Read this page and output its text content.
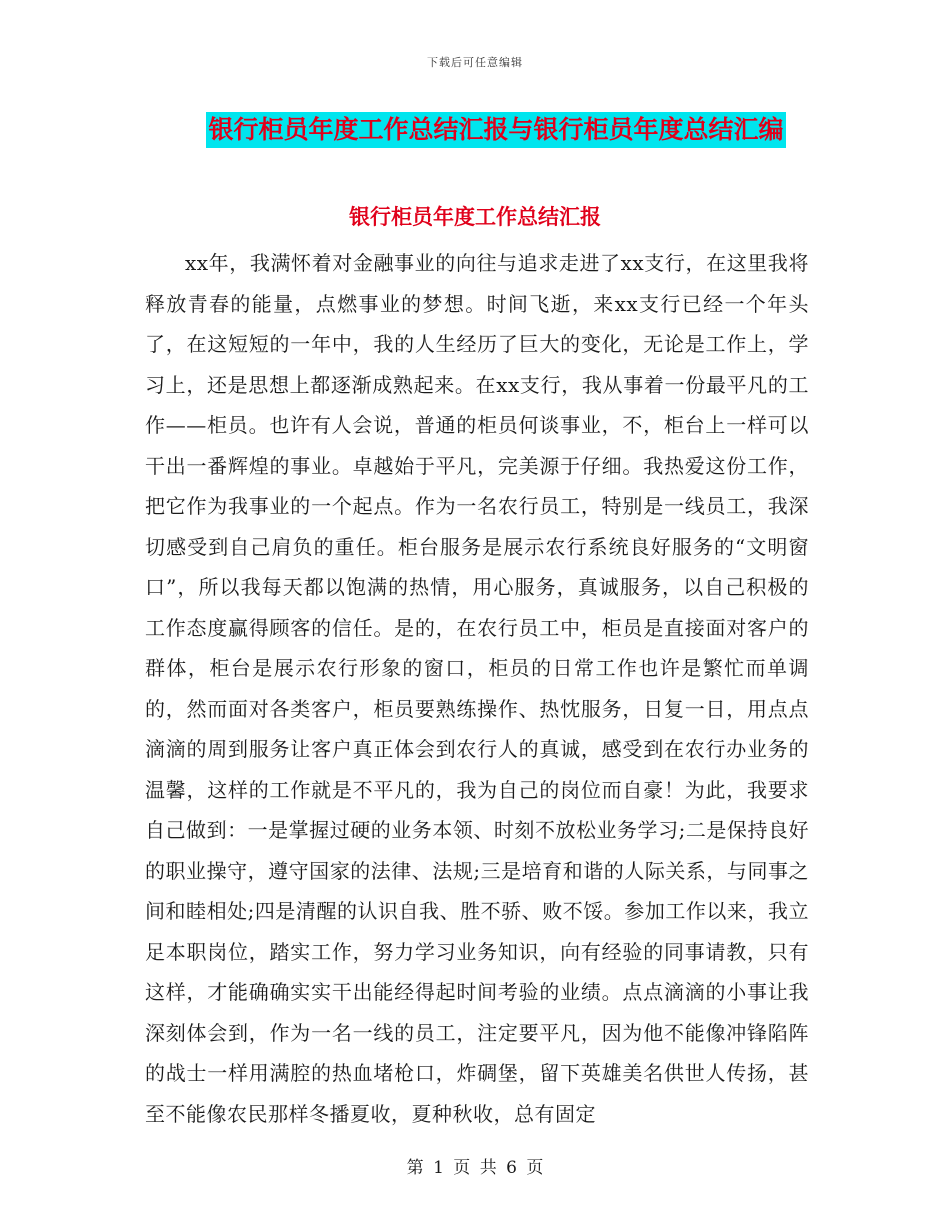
下载后可任意编辑
银行柜员年度工作总结汇报与银行柜员年度总结汇编
银行柜员年度工作总结汇报

xx年，我满怀着对金融事业的向往与追求走进了xx支行，在这里我将释放青春的能量，点燃事业的梦想。时间飞逝，来xx支行已经一个年头了，在这短短的一年中，我的人生经历了巨大的变化，无论是工作上，学习上，还是思想上都逐渐成熟起来。在xx支行，我从事着一份最平凡的工作——柜员。也许有人会说，普通的柜员何谈事业，不，柜台上一样可以干出一番辉煌的事业。卓越始于平凡，完美源于仔细。我热爱这份工作，把它作为我事业的一个起点。作为一名农行员工，特别是一线员工，我深切感受到自己肩负的重任。柜台服务是展示农行系统良好服务的“文明窗口”，所以我每天都以饱满的热情，用心服务，真诚服务，以自己积极的工作态度赢得顾客的信任。是的，在农行员工中，柜员是直接面对客户的群体，柜台是展示农行形象的窗口，柜员的日常工作也许是繁忙而单调的，然而面对各类客户，柜员要熟练操作、热忱服务，日复一日，用点点滴滴的周到服务让客户真正体会到农行人的真诚，感受到在农行办业务的温馨，这样的工作就是不平凡的，我为自己的岗位而自豪！为此，我要求自己做到：一是掌握过硬的业务本领、时刻不放松业务学习;二是保持良好的职业操守，遵守国家的法律、法规;三是培育和谐的人际关系，与同事之间和睦相处;四是清醒的认识自我、胜不骄、败不馁。参加工作以来，我立足本职岗位，踏实工作，努力学习业务知识，向有经验的同事请教，只有这样，才能确确实实干出能经得起时间考验的业绩。点点滴滴的小事让我深刻体会到，作为一名一线的员工，注定要平凡，因为他不能像冲锋陷阵的战士一样用满腔的热血堵枪口，炸碉堡，留下英雄美名供世人传扬，甚至不能像农民那样冬播夏收，夏种秋收，总有固定

第 1 页 共 6 页
